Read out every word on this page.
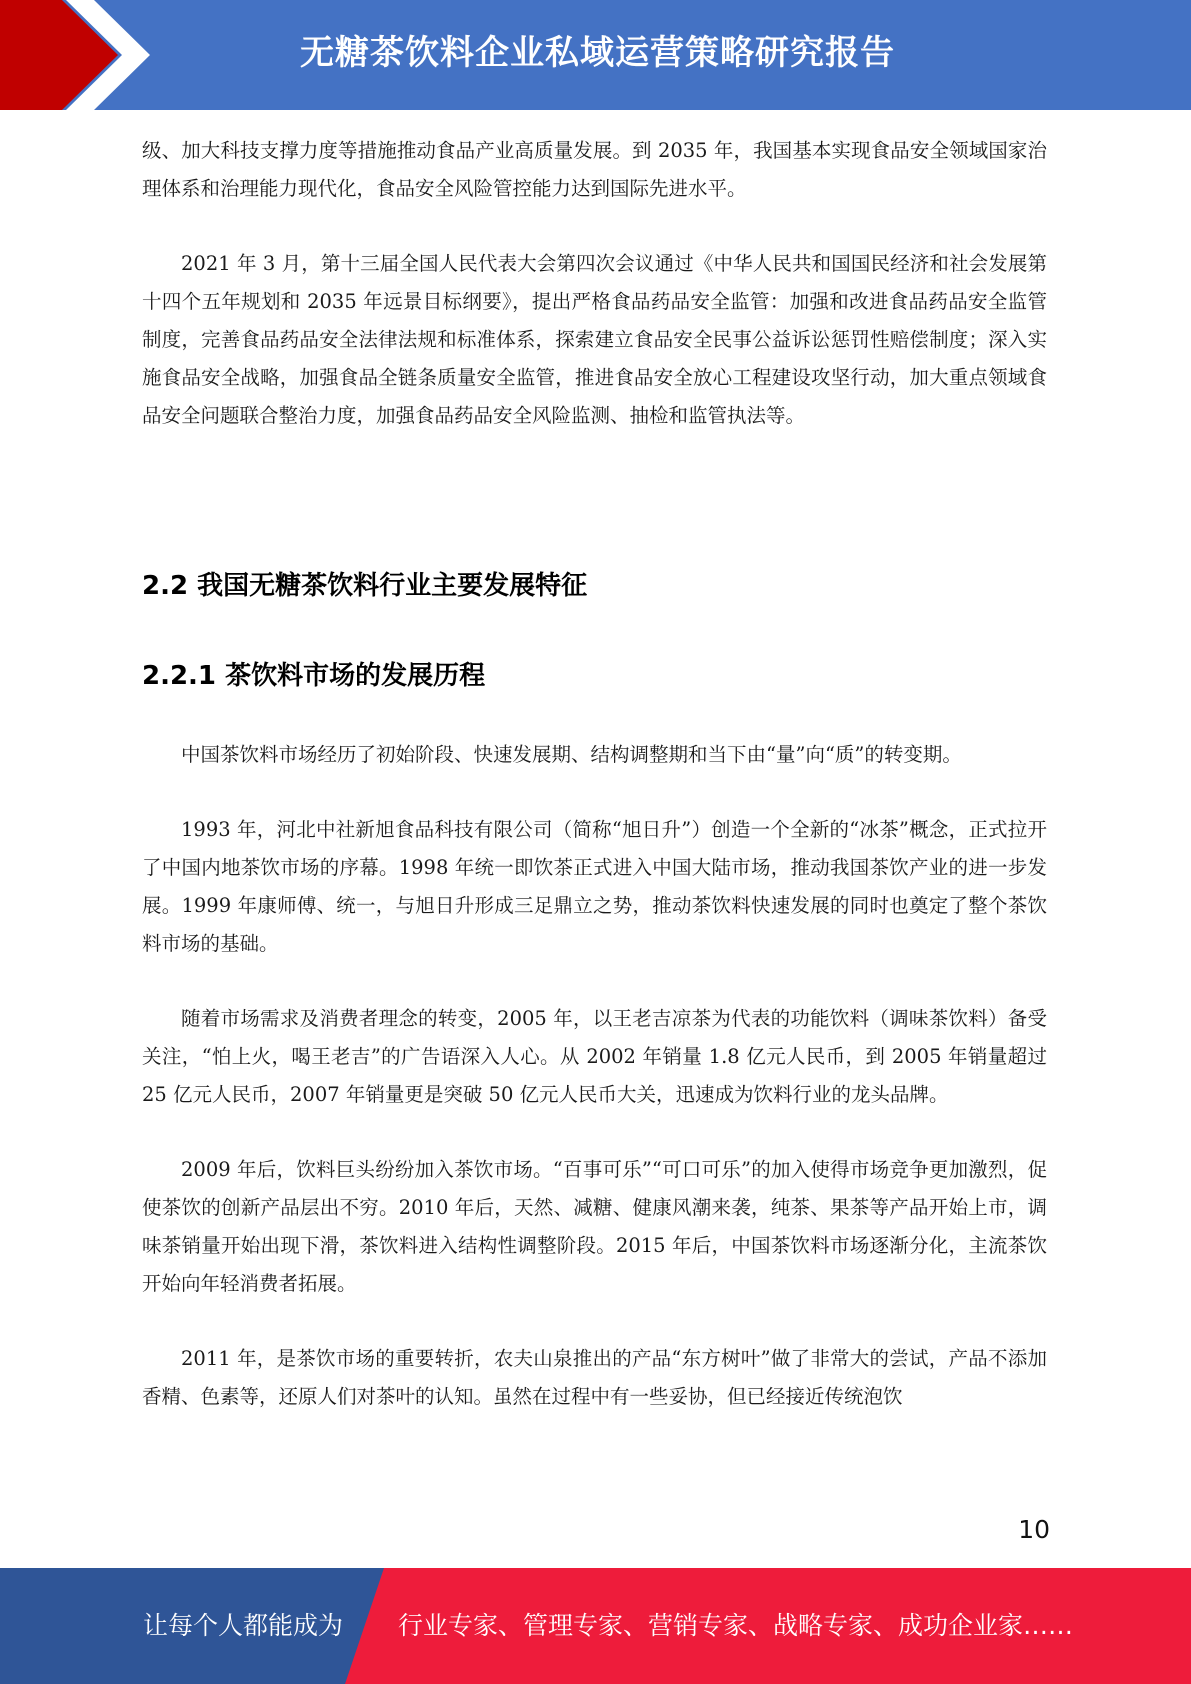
无糖茶饮料企业私域运营策略研究报告

级、加大科技支撑力度等措施推动食品产业高质量发展。到 2035 年，我国基本实现食品安全领域国家治理体系和治理能力现代化，食品安全风险管控能力达到国际先进水平。

2021 年 3 月，第十三届全国人民代表大会第四次会议通过《中华人民共和国国民经济和社会发展第十四个五年规划和 2035 年远景目标纲要》，提出严格食品药品安全监管：加强和改进食品药品安全监管制度，完善食品药品安全法律法规和标准体系，探索建立食品安全民事公益诉讼惩罚性赔偿制度；深入实施食品安全战略，加强食品全链条质量安全监管，推进食品安全放心工程建设攻坚行动，加大重点领域食品安全问题联合整治力度，加强食品药品安全风险监测、抽检和监管执法等。

2.2 我国无糖茶饮料行业主要发展特征
2.2.1 茶饮料市场的发展历程

中国茶饮料市场经历了初始阶段、快速发展期、结构调整期和当下由“量”向“质”的转变期。

1993 年，河北中社新旭食品科技有限公司（简称“旭日升”）创造一个全新的“冰茶”概念，正式拉开了中国内地茶饮市场的序幕。1998 年统一即饮茶正式进入中国大陆市场，推动我国茶饮产业的进一步发展。1999 年康师傅、统一，与旭日升形成三足鼎立之势，推动茶饮料快速发展的同时也奠定了整个茶饮料市场的基础。

随着市场需求及消费者理念的转变，2005 年，以王老吉凉茶为代表的功能饮料（调味茶饮料）备受关注，“怕上火，喝王老吉”的广告语深入人心。从 2002 年销量 1.8 亿元人民币，到 2005 年销量超过 25 亿元人民币，2007 年销量更是突破 50 亿元人民币大关，迅速成为饮料行业的龙头品牌。

2009 年后，饮料巨头纷纷加入茶饮市场。“百事可乐”“可口可乐”的加入使得市场竞争更加激烈，促使茶饮的创新产品层出不穷。2010 年后，天然、减糖、健康风潮来袭，纯茶、果茶等产品开始上市，调味茶销量开始出现下滑，茶饮料进入结构性调整阶段。2015 年后，中国茶饮料市场逐渐分化，主流茶饮开始向年轻消费者拓展。

2011 年，是茶饮市场的重要转折，农夫山泉推出的产品“东方树叶”做了非常大的尝试，产品不添加香精、色素等，还原人们对茶叶的认知。虽然在过程中有一些妥协，但已经接近传统泡饮

10
让每个人都能成为 行业专家、管理专家、营销专家、战略专家、成功企业家……
